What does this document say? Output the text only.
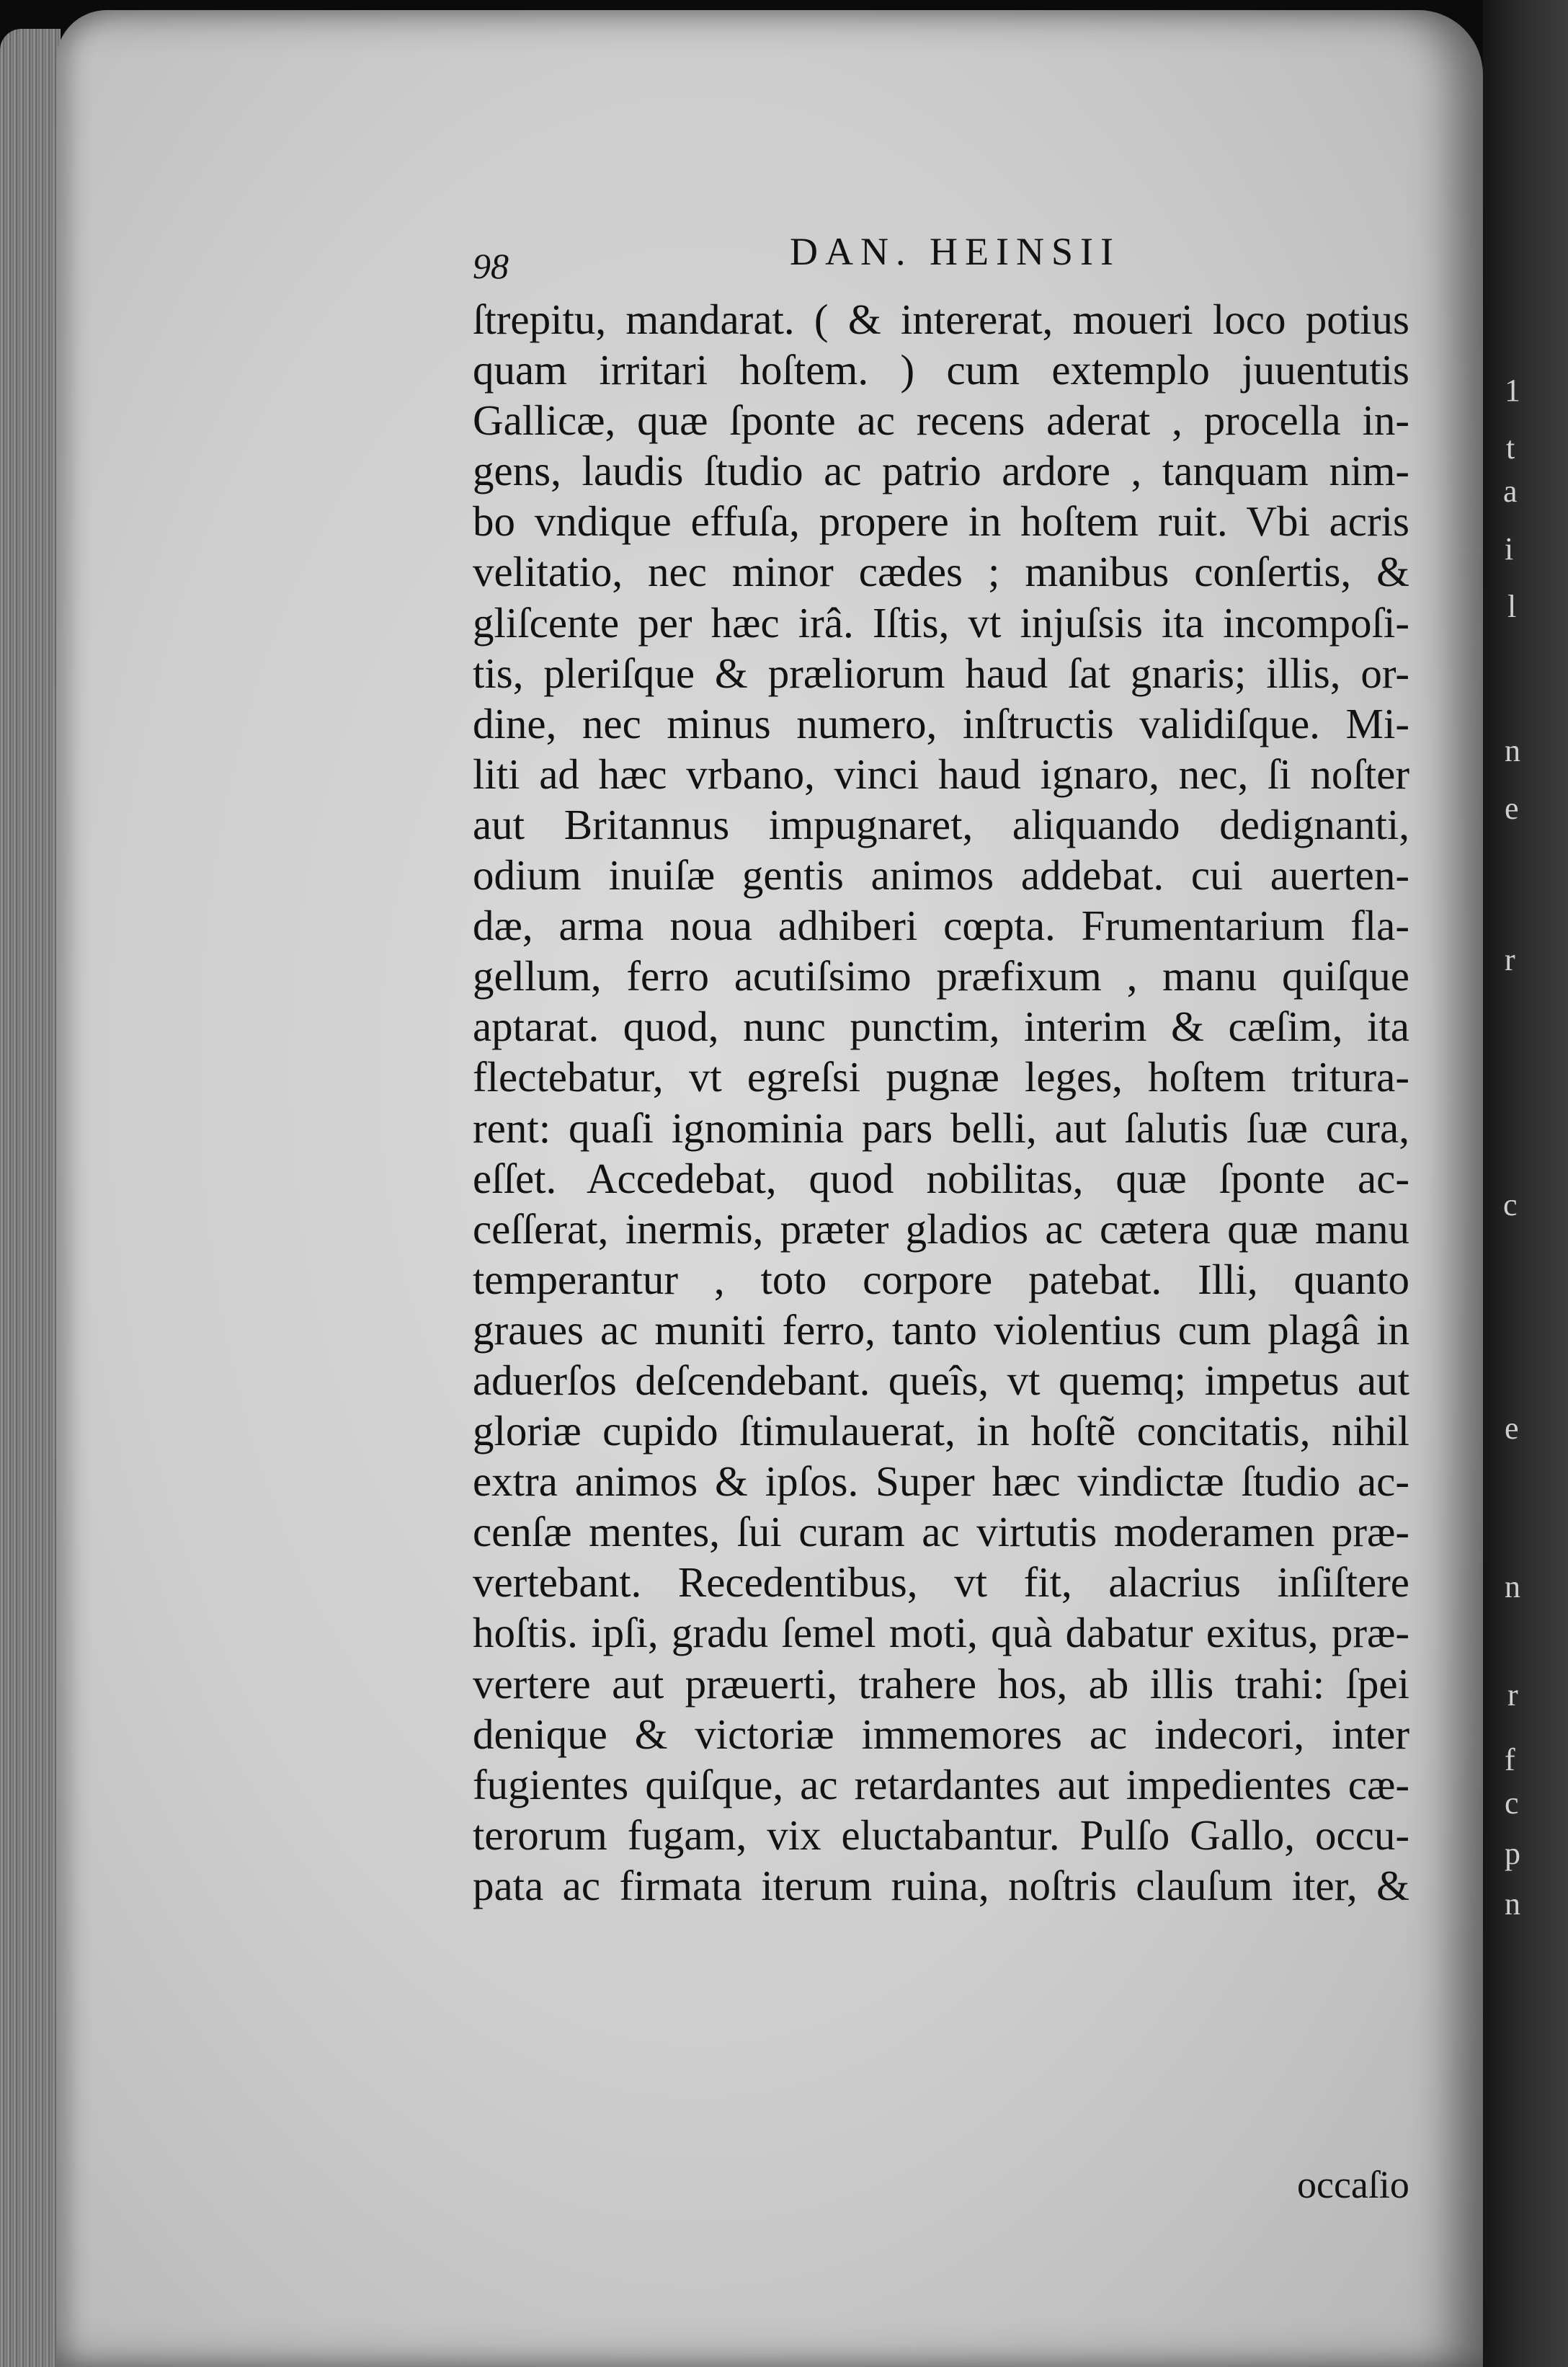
1
t
a
i
l
n
e
r
c
e
n
r
f
c
p
n
98	DAN. HEINSII
ſtrepitu, mandarat. ( & intererat, moueri loco potius
quam irritari hoſtem. ) cum extemplo juuentutis
Gallicæ, quæ ſponte ac recens aderat , procella in-
gens, laudis ſtudio ac patrio ardore , tanquam nim-
bo vndique effuſa, propere in hoſtem ruit. Vbi acris
velitatio, nec minor cædes ; manibus conſertis, &
gliſcente per hæc irâ. Iſtis, vt injuſsis ita incompoſi-
tis, pleriſque & præliorum haud ſat gnaris; illis, or-
dine, nec minus numero, inſtructis validiſque. Mi-
liti ad hæc vrbano, vinci haud ignaro, nec, ſi noſter
aut Britannus impugnaret, aliquando dedignanti,
odium inuiſæ gentis animos addebat. cui auerten-
dæ, arma noua adhiberi cœpta. Frumentarium fla-
gellum, ferro acutiſsimo præfixum , manu quiſque
aptarat. quod, nunc punctim, interim & cæſim, ita
flectebatur, vt egreſsi pugnæ leges, hoſtem tritura-
rent: quaſi ignominia pars belli, aut ſalutis ſuæ cura,
eſſet. Accedebat, quod nobilitas, quæ ſponte ac-
ceſſerat, inermis, præter gladios ac cætera quæ manu
temperantur , toto corpore patebat. Illi, quanto
graues ac muniti ferro, tanto violentius cum plagâ in
aduerſos deſcendebant. queîs, vt quemq; impetus aut
gloriæ cupido ſtimulauerat, in hoſtẽ concitatis, nihil
extra animos & ipſos. Super hæc vindictæ ſtudio ac-
cenſæ mentes, ſui curam ac virtutis moderamen præ-
vertebant. Recedentibus, vt fit, alacrius inſiſtere
hoſtis. ipſi, gradu ſemel moti, quà dabatur exitus, præ-
vertere aut præuerti, trahere hos, ab illis trahi: ſpei
denique & victoriæ immemores ac indecori, inter
fugientes quiſque, ac retardantes aut impedientes cæ-
terorum fugam, vix eluctabantur. Pulſo Gallo, occu-
pata ac firmata iterum ruina, noſtris clauſum iter, &
occaſio
